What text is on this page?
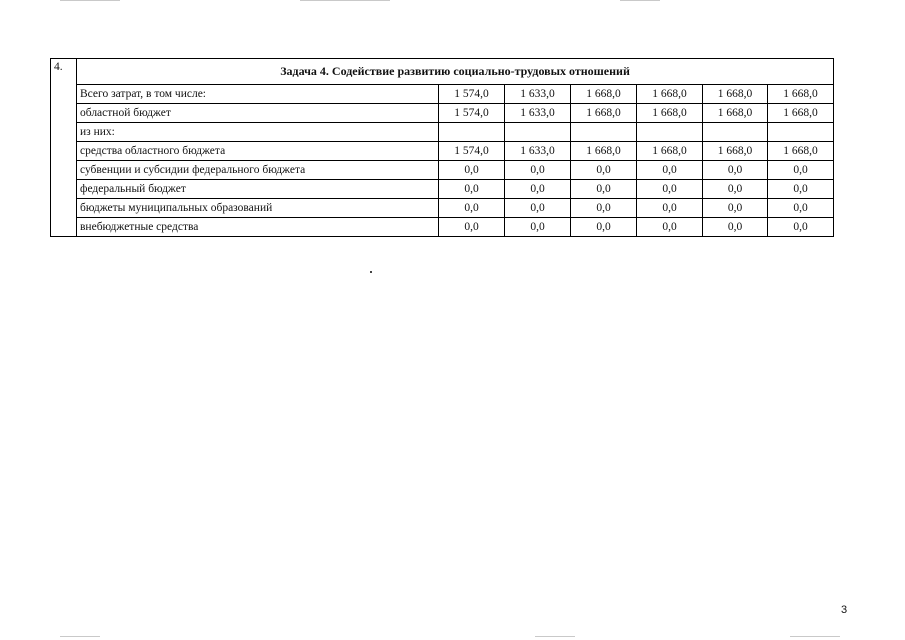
4.	Задача 4. Содействие развитию социально-трудовых отношений						
	Всего затрат, в том числе:	1 574,0	1 633,0	1 668,0	1 668,0	1 668,0	1 668,0
	областной бюджет	1 574,0	1 633,0	1 668,0	1 668,0	1 668,0	1 668,0
	из них:						
	средства областного бюджета	1 574,0	1 633,0	1 668,0	1 668,0	1 668,0	1 668,0
	субвенции и субсидии федерального бюджета	0,0	0,0	0,0	0,0	0,0	0,0
	федеральный бюджет	0,0	0,0	0,0	0,0	0,0	0,0
	бюджеты муниципальных образований	0,0	0,0	0,0	0,0	0,0	0,0
	внебюджетные средства	0,0	0,0	0,0	0,0	0,0	0,0
3
